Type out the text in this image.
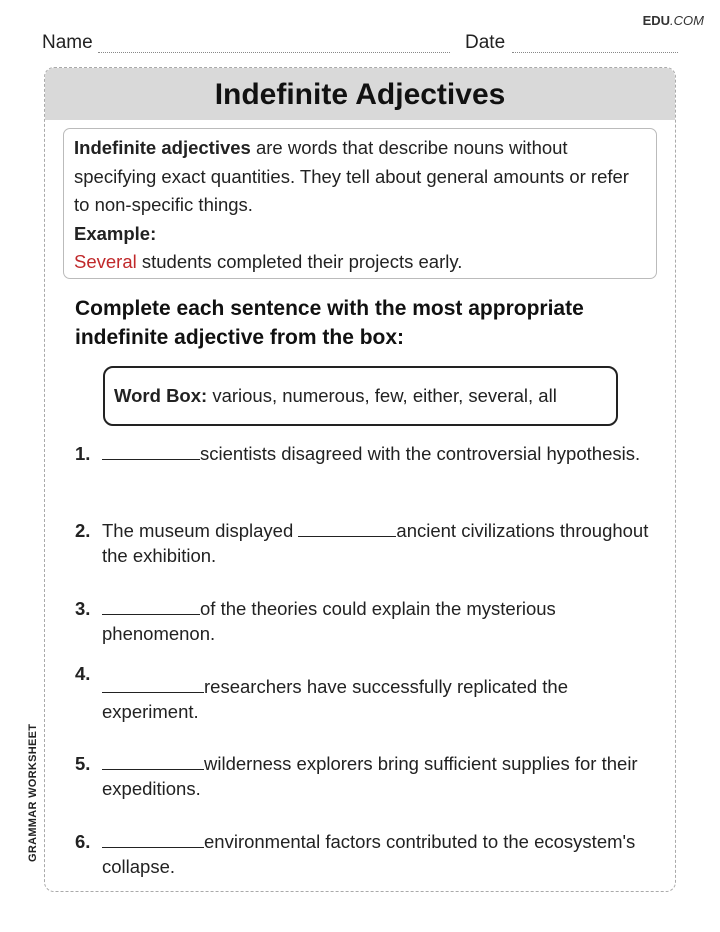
EDU.COM
Name	Date
Indefinite Adjectives
Indefinite adjectives are words that describe nouns without specifying exact quantities. They tell about general amounts or refer to non-specific things.
Example:
Several students completed their projects early.
Complete each sentence with the most appropriate indefinite adjective from the box:
Word Box: various, numerous, few, either, several, all
1.	scientists disagreed with the controversial hypothesis.
2. The museum displayed	ancient civilizations throughout the exhibition.
3.	of the theories could explain the mysterious phenomenon.
4.
researchers have successfully replicated the experiment.
5.	wilderness explorers bring sufficient supplies for their expeditions.
6.	environmental factors contributed to the ecosystem's collapse.
GRAMMAR WORKSHEET
